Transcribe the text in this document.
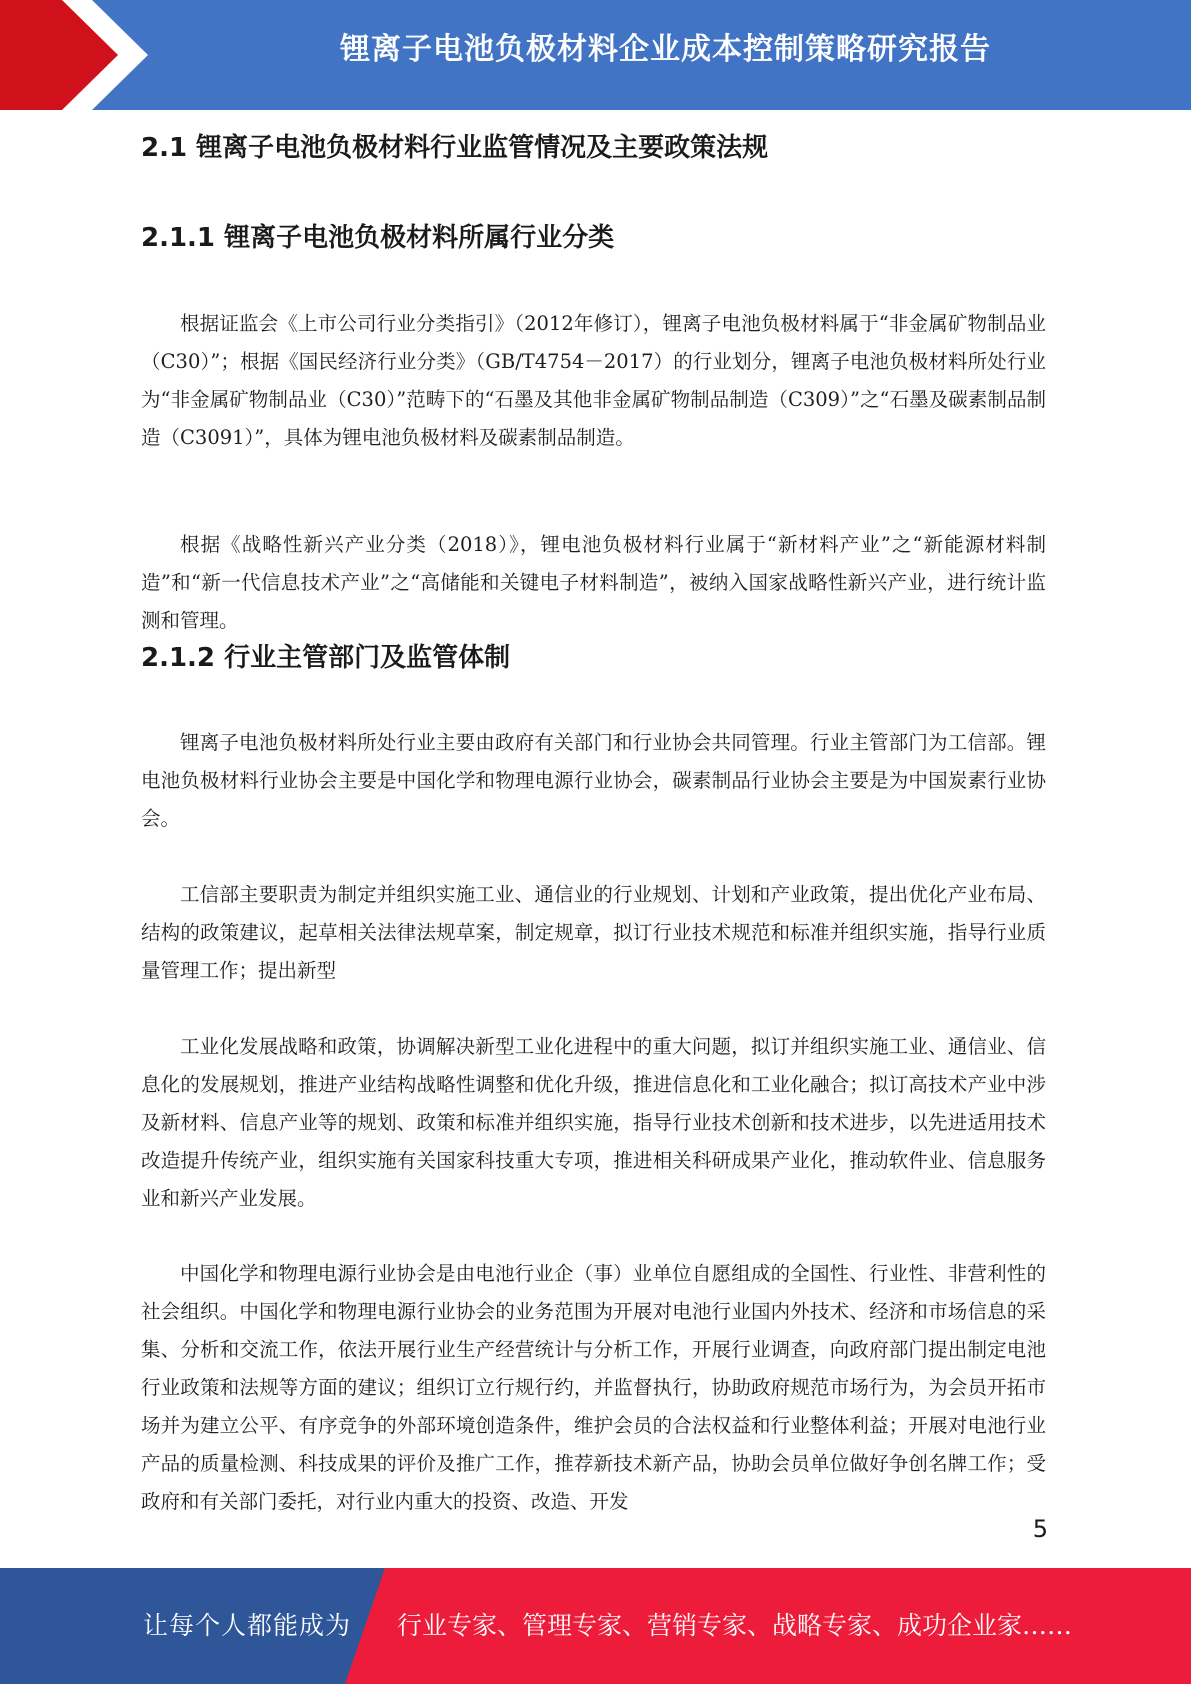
锂离子电池负极材料企业成本控制策略研究报告
2.1 锂离子电池负极材料行业监管情况及主要政策法规
2.1.1 锂离子电池负极材料所属行业分类

根据证监会《上市公司行业分类指引》（2012年修订），锂离子电池负极材料属于“非金属矿物制品业（C30）”；根据《国民经济行业分类》（GB/T4754－2017）的行业划分，锂离子电池负极材料所处行业为“非金属矿物制品业（C30）”范畴下的“石墨及其他非金属矿物制品制造（C309）”之“石墨及碳素制品制造（C3091）”，具体为锂电池负极材料及碳素制品制造。

根据《战略性新兴产业分类（2018）》，锂电池负极材料行业属于“新材料产业”之“新能源材料制造”和“新一代信息技术产业”之“高储能和关键电子材料制造”，被纳入国家战略性新兴产业，进行统计监测和管理。

2.1.2 行业主管部门及监管体制

锂离子电池负极材料所处行业主要由政府有关部门和行业协会共同管理。行业主管部门为工信部。锂电池负极材料行业协会主要是中国化学和物理电源行业协会，碳素制品行业协会主要是为中国炭素行业协会。

工信部主要职责为制定并组织实施工业、通信业的行业规划、计划和产业政策，提出优化产业布局、结构的政策建议，起草相关法律法规草案，制定规章，拟订行业技术规范和标准并组织实施，指导行业质量管理工作；提出新型

工业化发展战略和政策，协调解决新型工业化进程中的重大问题，拟订并组织实施工业、通信业、信息化的发展规划，推进产业结构战略性调整和优化升级，推进信息化和工业化融合；拟订高技术产业中涉及新材料、信息产业等的规划、政策和标准并组织实施，指导行业技术创新和技术进步，以先进适用技术改造提升传统产业，组织实施有关国家科技重大专项，推进相关科研成果产业化，推动软件业、信息服务业和新兴产业发展。

中国化学和物理电源行业协会是由电池行业企（事）业单位自愿组成的全国性、行业性、非营利性的社会组织。中国化学和物理电源行业协会的业务范围为开展对电池行业国内外技术、经济和市场信息的采集、分析和交流工作，依法开展行业生产经营统计与分析工作，开展行业调查，向政府部门提出制定电池行业政策和法规等方面的建议；组织订立行规行约，并监督执行，协助政府规范市场行为，为会员开拓市场并为建立公平、有序竞争的外部环境创造条件，维护会员的合法权益和行业整体利益；开展对电池行业产品的质量检测、科技成果的评价及推广工作，推荐新技术新产品，协助会员单位做好争创名牌工作；受政府和有关部门委托，对行业内重大的投资、改造、开发

5
让每个人都能成为 行业专家、管理专家、营销专家、战略专家、成功企业家……
